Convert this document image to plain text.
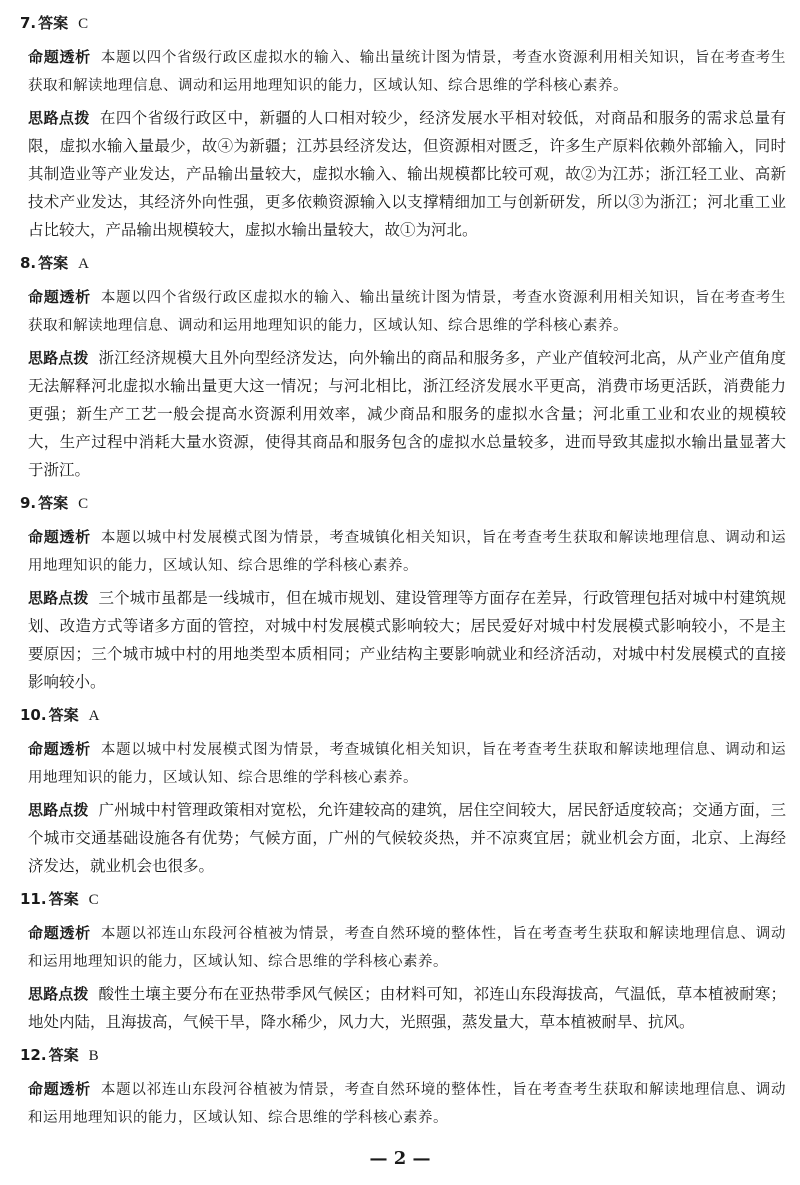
7. 答案 C

命题透析 本题以四个省级行政区虚拟水的输入、输出量统计图为情景，考查水资源利用相关知识，旨在考查考生获取和解读地理信息、调动和运用地理知识的能力，区域认知、综合思维的学科核心素养。

思路点拨 在四个省级行政区中，新疆的人口相对较少，经济发展水平相对较低，对商品和服务的需求总量有限，虚拟水输入量最少，故④为新疆；江苏县经济发达，但资源相对匮乏，许多生产原料依赖外部输入，同时其制造业等产业发达，产品输出量较大，虚拟水输入、输出规模都比较可观，故②为江苏；浙江轻工业、高新技术产业发达，其经济外向性强，更多依赖资源输入以支撑精细加工与创新研发，所以③为浙江；河北重工业占比较大，产品输出规模较大，虚拟水输出量较大，故①为河北。

8. 答案 A

命题透析 本题以四个省级行政区虚拟水的输入、输出量统计图为情景，考查水资源利用相关知识，旨在考查考生获取和解读地理信息、调动和运用地理知识的能力，区域认知、综合思维的学科核心素养。

思路点拨 浙江经济规模大且外向型经济发达，向外输出的商品和服务多，产业产值较河北高，从产业产值角度无法解释河北虚拟水输出量更大这一情况；与河北相比，浙江经济发展水平更高，消费市场更活跃，消费能力更强；新生产工艺一般会提高水资源利用效率，减少商品和服务的虚拟水含量；河北重工业和农业的规模较大，生产过程中消耗大量水资源，使得其商品和服务包含的虚拟水总量较多，进而导致其虚拟水输出量显著大于浙江。

9. 答案 C

命题透析 本题以城中村发展模式图为情景，考查城镇化相关知识，旨在考查考生获取和解读地理信息、调动和运用地理知识的能力，区域认知、综合思维的学科核心素养。

思路点拨 三个城市虽都是一线城市，但在城市规划、建设管理等方面存在差异，行政管理包括对城中村建筑规划、改造方式等诸多方面的管控，对城中村发展模式影响较大；居民爱好对城中村发展模式影响较小，不是主要原因；三个城市城中村的用地类型本质相同；产业结构主要影响就业和经济活动，对城中村发展模式的直接影响较小。

10. 答案 A

命题透析 本题以城中村发展模式图为情景，考查城镇化相关知识，旨在考查考生获取和解读地理信息、调动和运用地理知识的能力，区域认知、综合思维的学科核心素养。

思路点拨 广州城中村管理政策相对宽松，允许建较高的建筑，居住空间较大，居民舒适度较高；交通方面，三个城市交通基础设施各有优势；气候方面，广州的气候较炎热，并不凉爽宜居；就业机会方面，北京、上海经济发达，就业机会也很多。

11. 答案 C

命题透析 本题以祁连山东段河谷植被为情景，考查自然环境的整体性，旨在考查考生获取和解读地理信息、调动和运用地理知识的能力，区域认知、综合思维的学科核心素养。

思路点拨 酸性土壤主要分布在亚热带季风气候区；由材料可知，祁连山东段海拔高，气温低，草本植被耐寒；地处内陆，且海拔高，气候干旱，降水稀少，风力大，光照强，蒸发量大，草本植被耐旱、抗风。

12. 答案 B

命题透析 本题以祁连山东段河谷植被为情景，考查自然环境的整体性，旨在考查考生获取和解读地理信息、调动和运用地理知识的能力，区域认知、综合思维的学科核心素养。

— 2 —
